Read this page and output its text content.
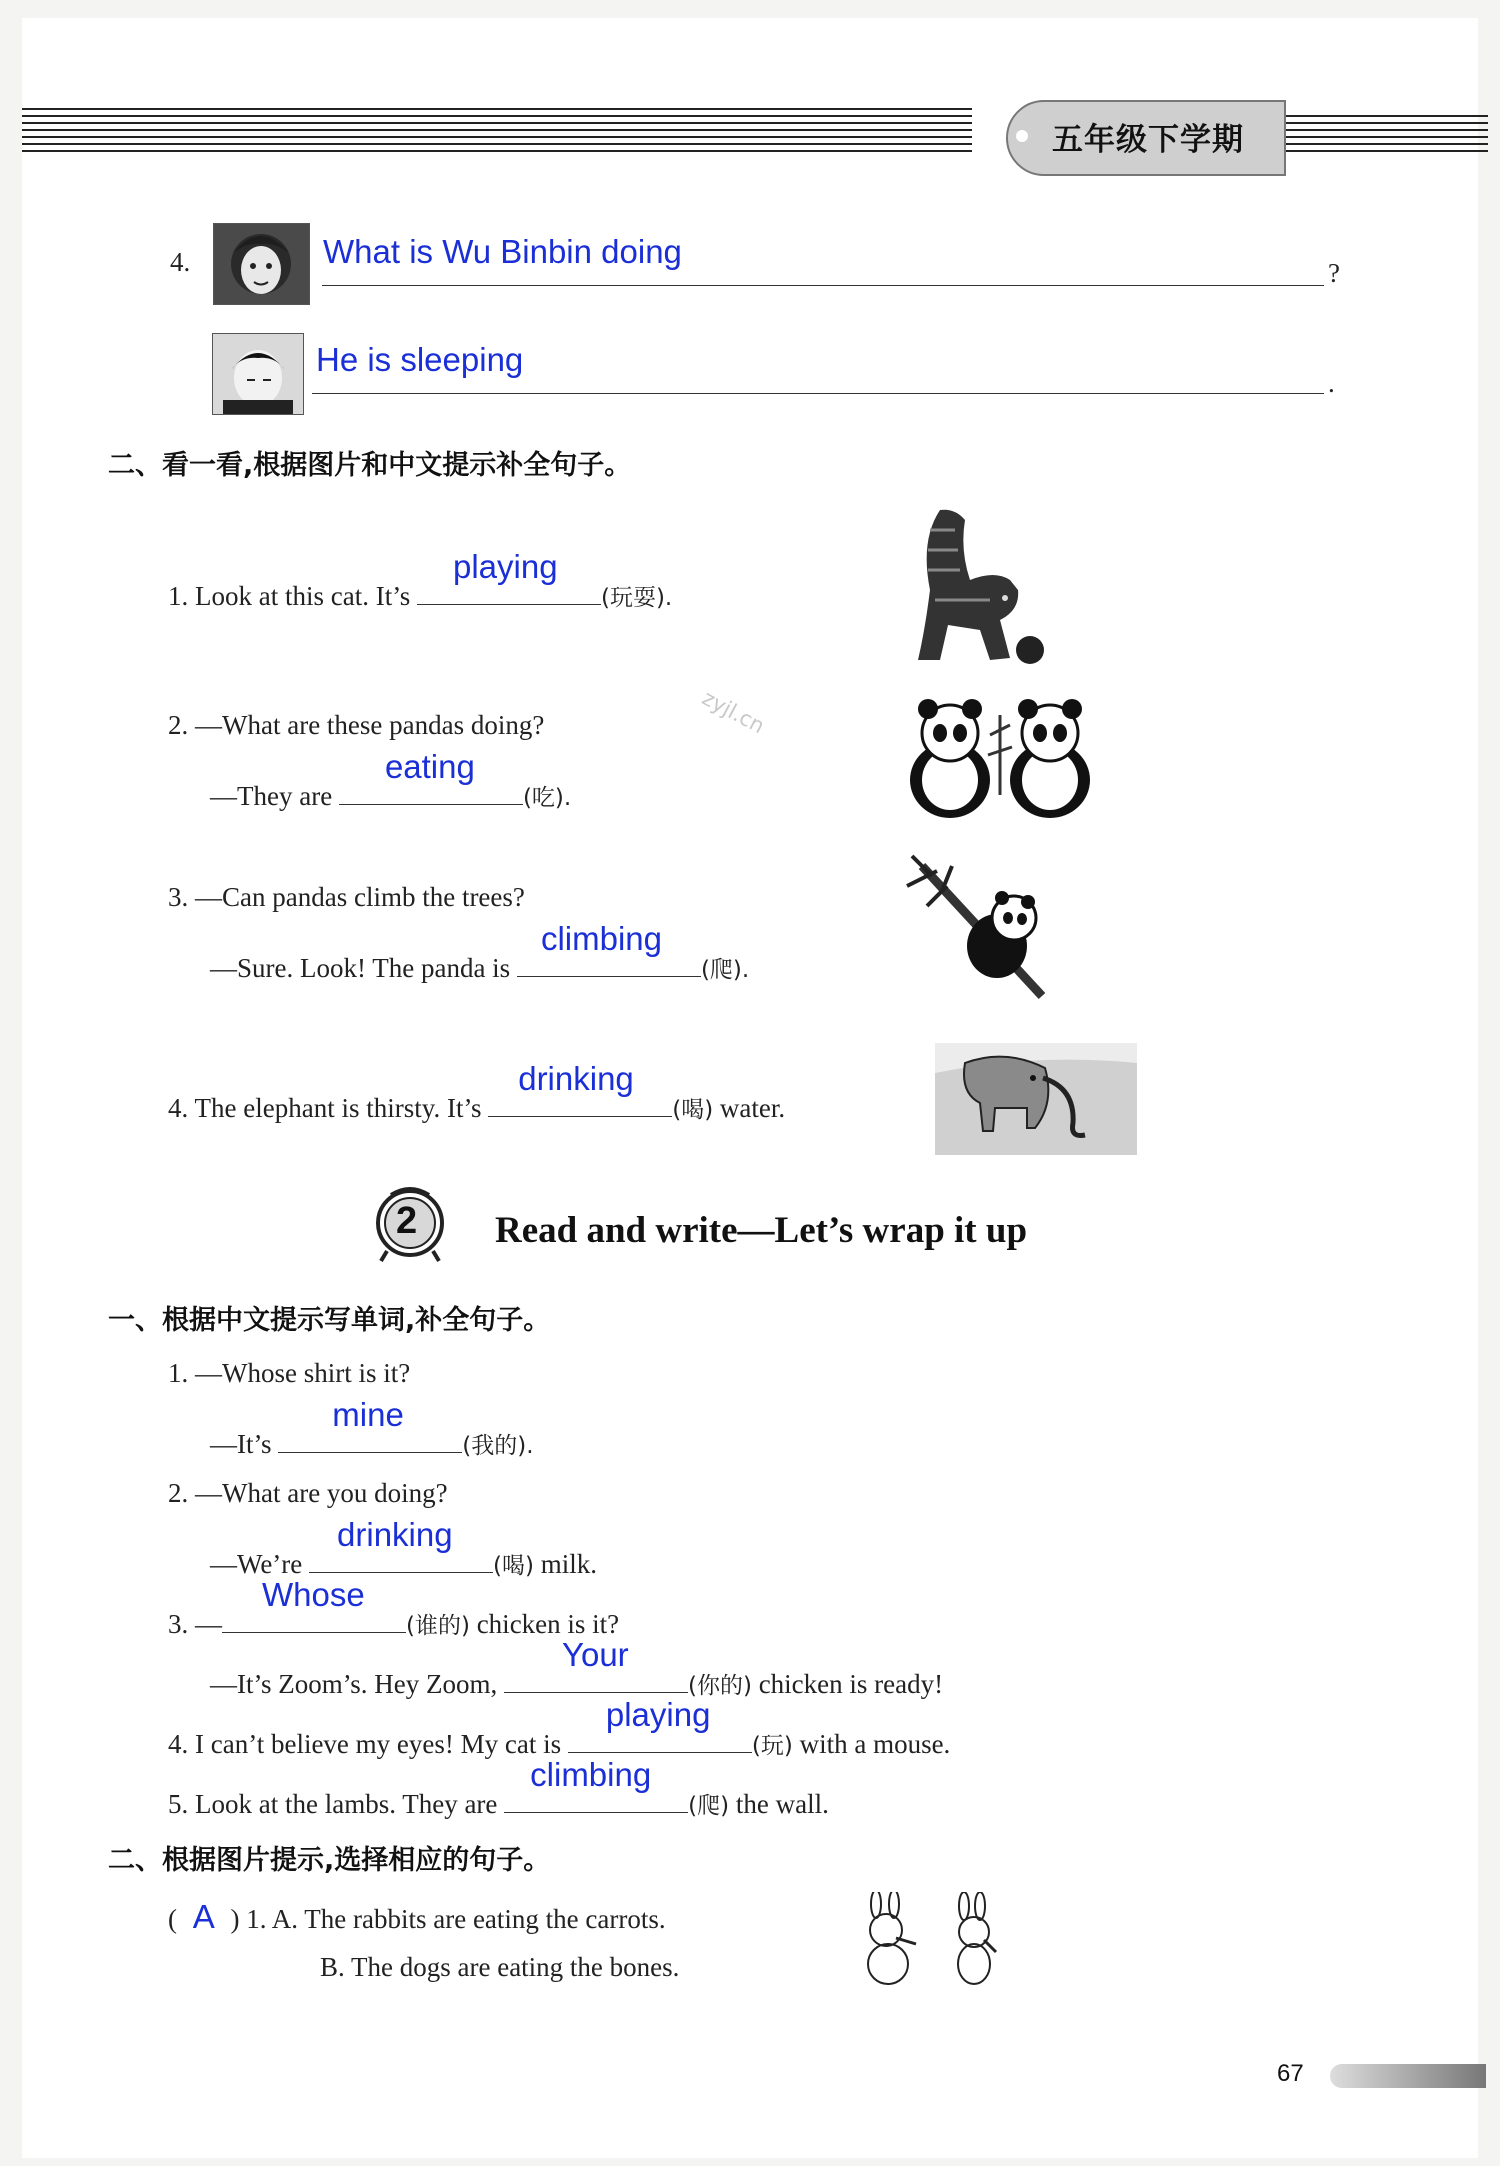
五年级下学期
4.	What is Wu Binbin doing
?
He is sleeping
.
二、看一看,根据图片和中文提示补全句子。
1. Look at this cat. It’s
playing
(玩耍).
2. —What are these pandas doing?
—They are
eating
(吃).
zyjl.cn
3. —Can pandas climb the trees?
—Sure. Look! The panda is
climbing
(爬).
4. The elephant is thirsty. It’s
drinking
(喝) water.
2 Read and write—Let’s wrap it up
一、根据中文提示写单词,补全句子。
1. —Whose shirt is it?
—It’s
mine
(我的).
2. —What are you doing?
—We’re
drinking
(喝) milk.
3. —
Whose
(谁的) chicken is it?
—It’s Zoom’s. Hey Zoom,
Your
(你的) chicken is ready!
4. I can’t believe my eyes! My cat is
playing
(玩) with a mouse.
5. Look at the lambs. They are
climbing
(爬) the wall.
二、根据图片提示,选择相应的句子。
( A ) 1. A. The rabbits are eating the carrots.
B. The dogs are eating the bones.
67
